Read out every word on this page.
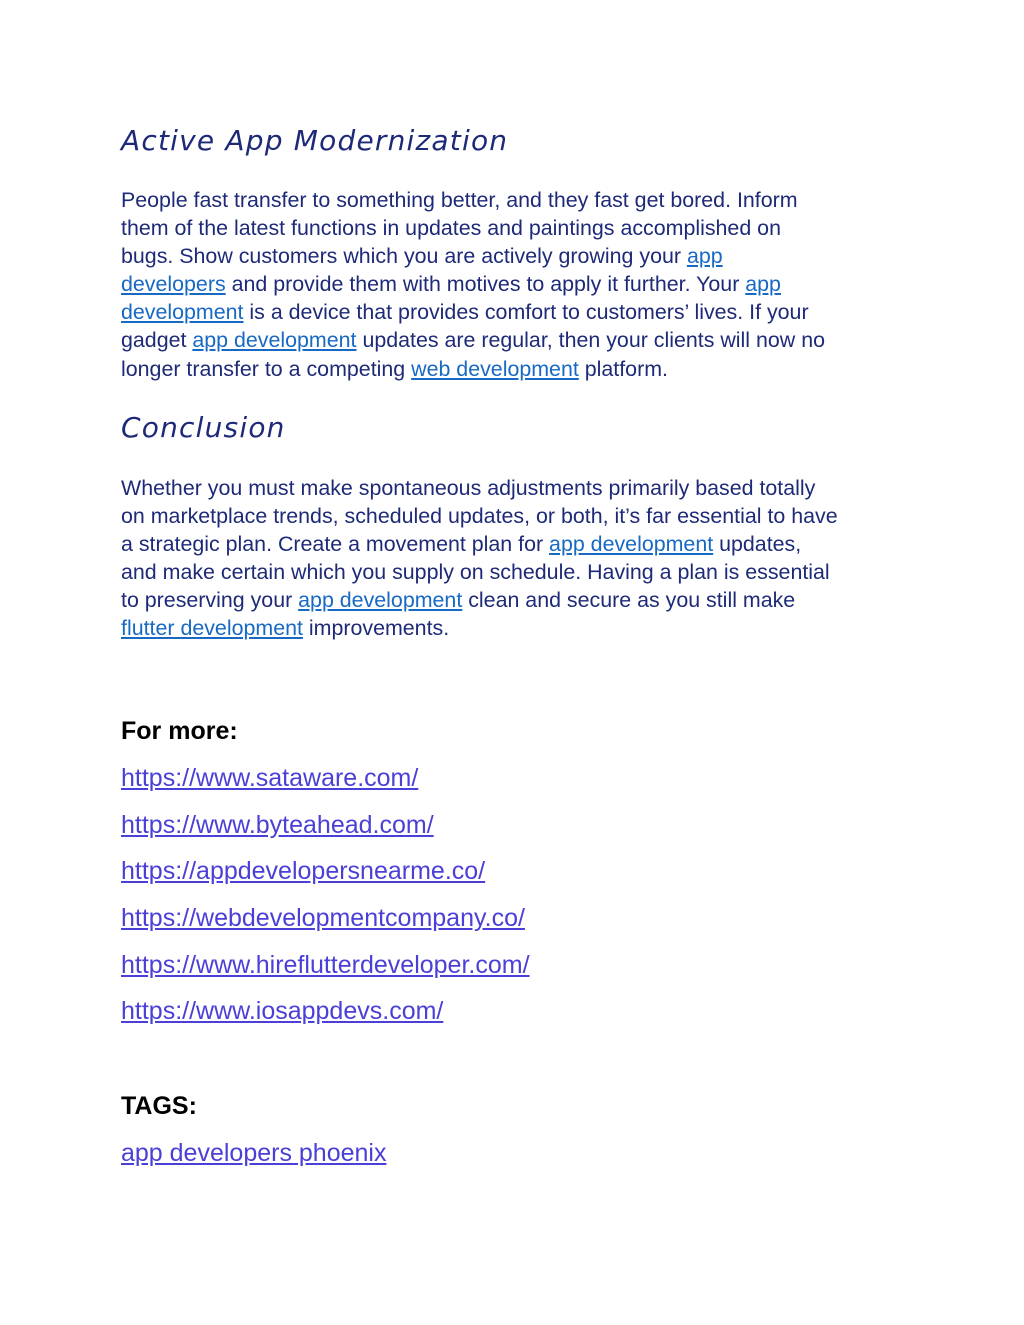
Active App Modernization
People fast transfer to something better, and they fast get bored. Inform
them of the latest functions in updates and paintings accomplished on
bugs. Show customers which you are actively growing your app
developers and provide them with motives to apply it further. Your app
development is a device that provides comfort to customers’ lives. If your
gadget app development updates are regular, then your clients will now no
longer transfer to a competing web development platform.
Conclusion
Whether you must make spontaneous adjustments primarily based totally
on marketplace trends, scheduled updates, or both, it’s far essential to have
a strategic plan. Create a movement plan for app development updates,
and make certain which you supply on schedule. Having a plan is essential
to preserving your app development clean and secure as you still make
flutter development improvements.
For more:
https://www.sataware.com/
https://www.byteahead.com/
https://appdevelopersnearme.co/
https://webdevelopmentcompany.co/
https://www.hireflutterdeveloper.com/
https://www.iosappdevs.com/
TAGS:
app developers phoenix
